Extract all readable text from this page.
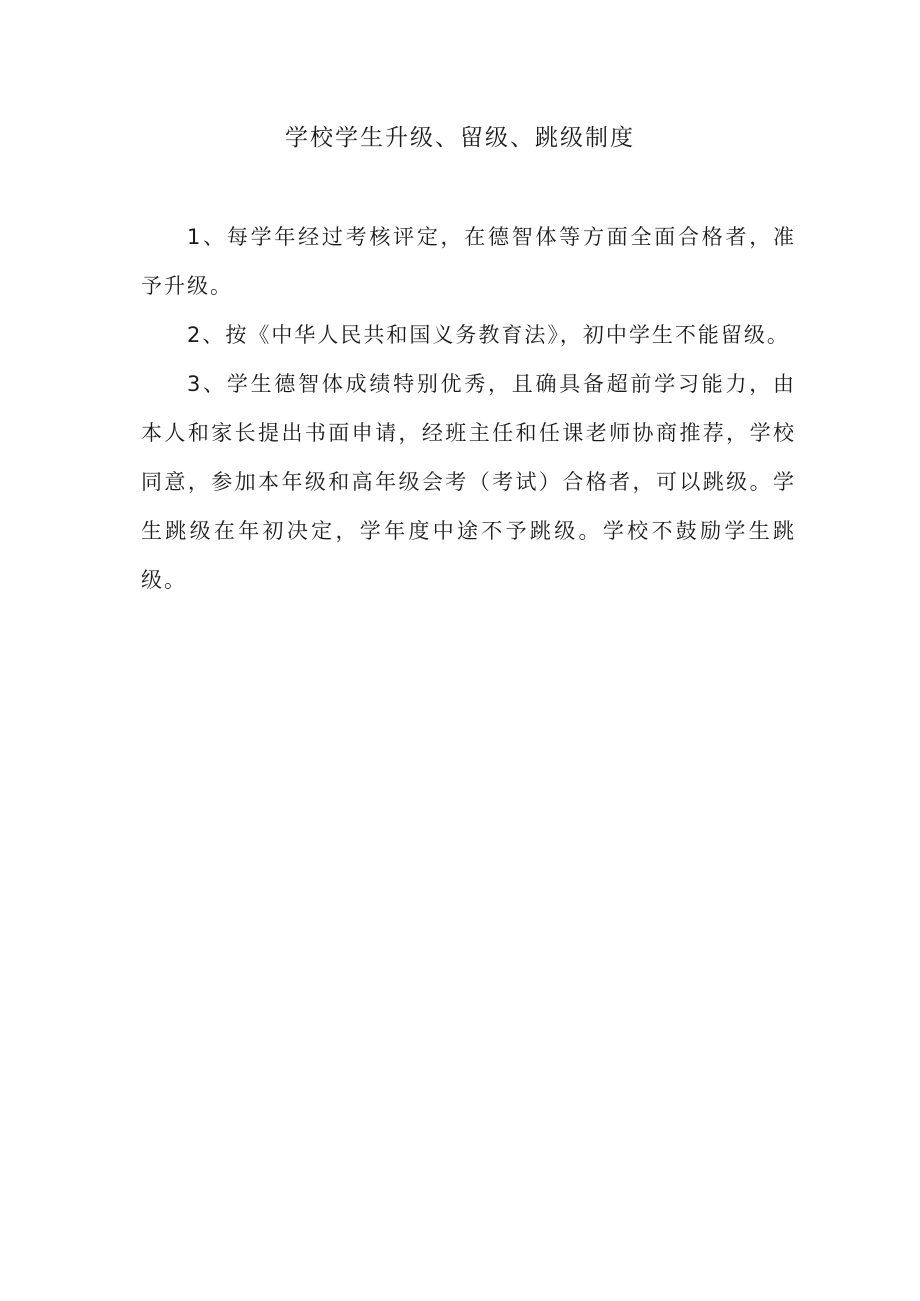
学校学生升级、留级、跳级制度

1、每学年经过考核评定，在德智体等方面全面合格者，准予升级。

2、按《中华人民共和国义务教育法》，初中学生不能留级。

3、学生德智体成绩特别优秀，且确具备超前学习能力，由本人和家长提出书面申请，经班主任和任课老师协商推荐，学校同意，参加本年级和高年级会考（考试）合格者，可以跳级。学生跳级在年初决定，学年度中途不予跳级。学校不鼓励学生跳级。
